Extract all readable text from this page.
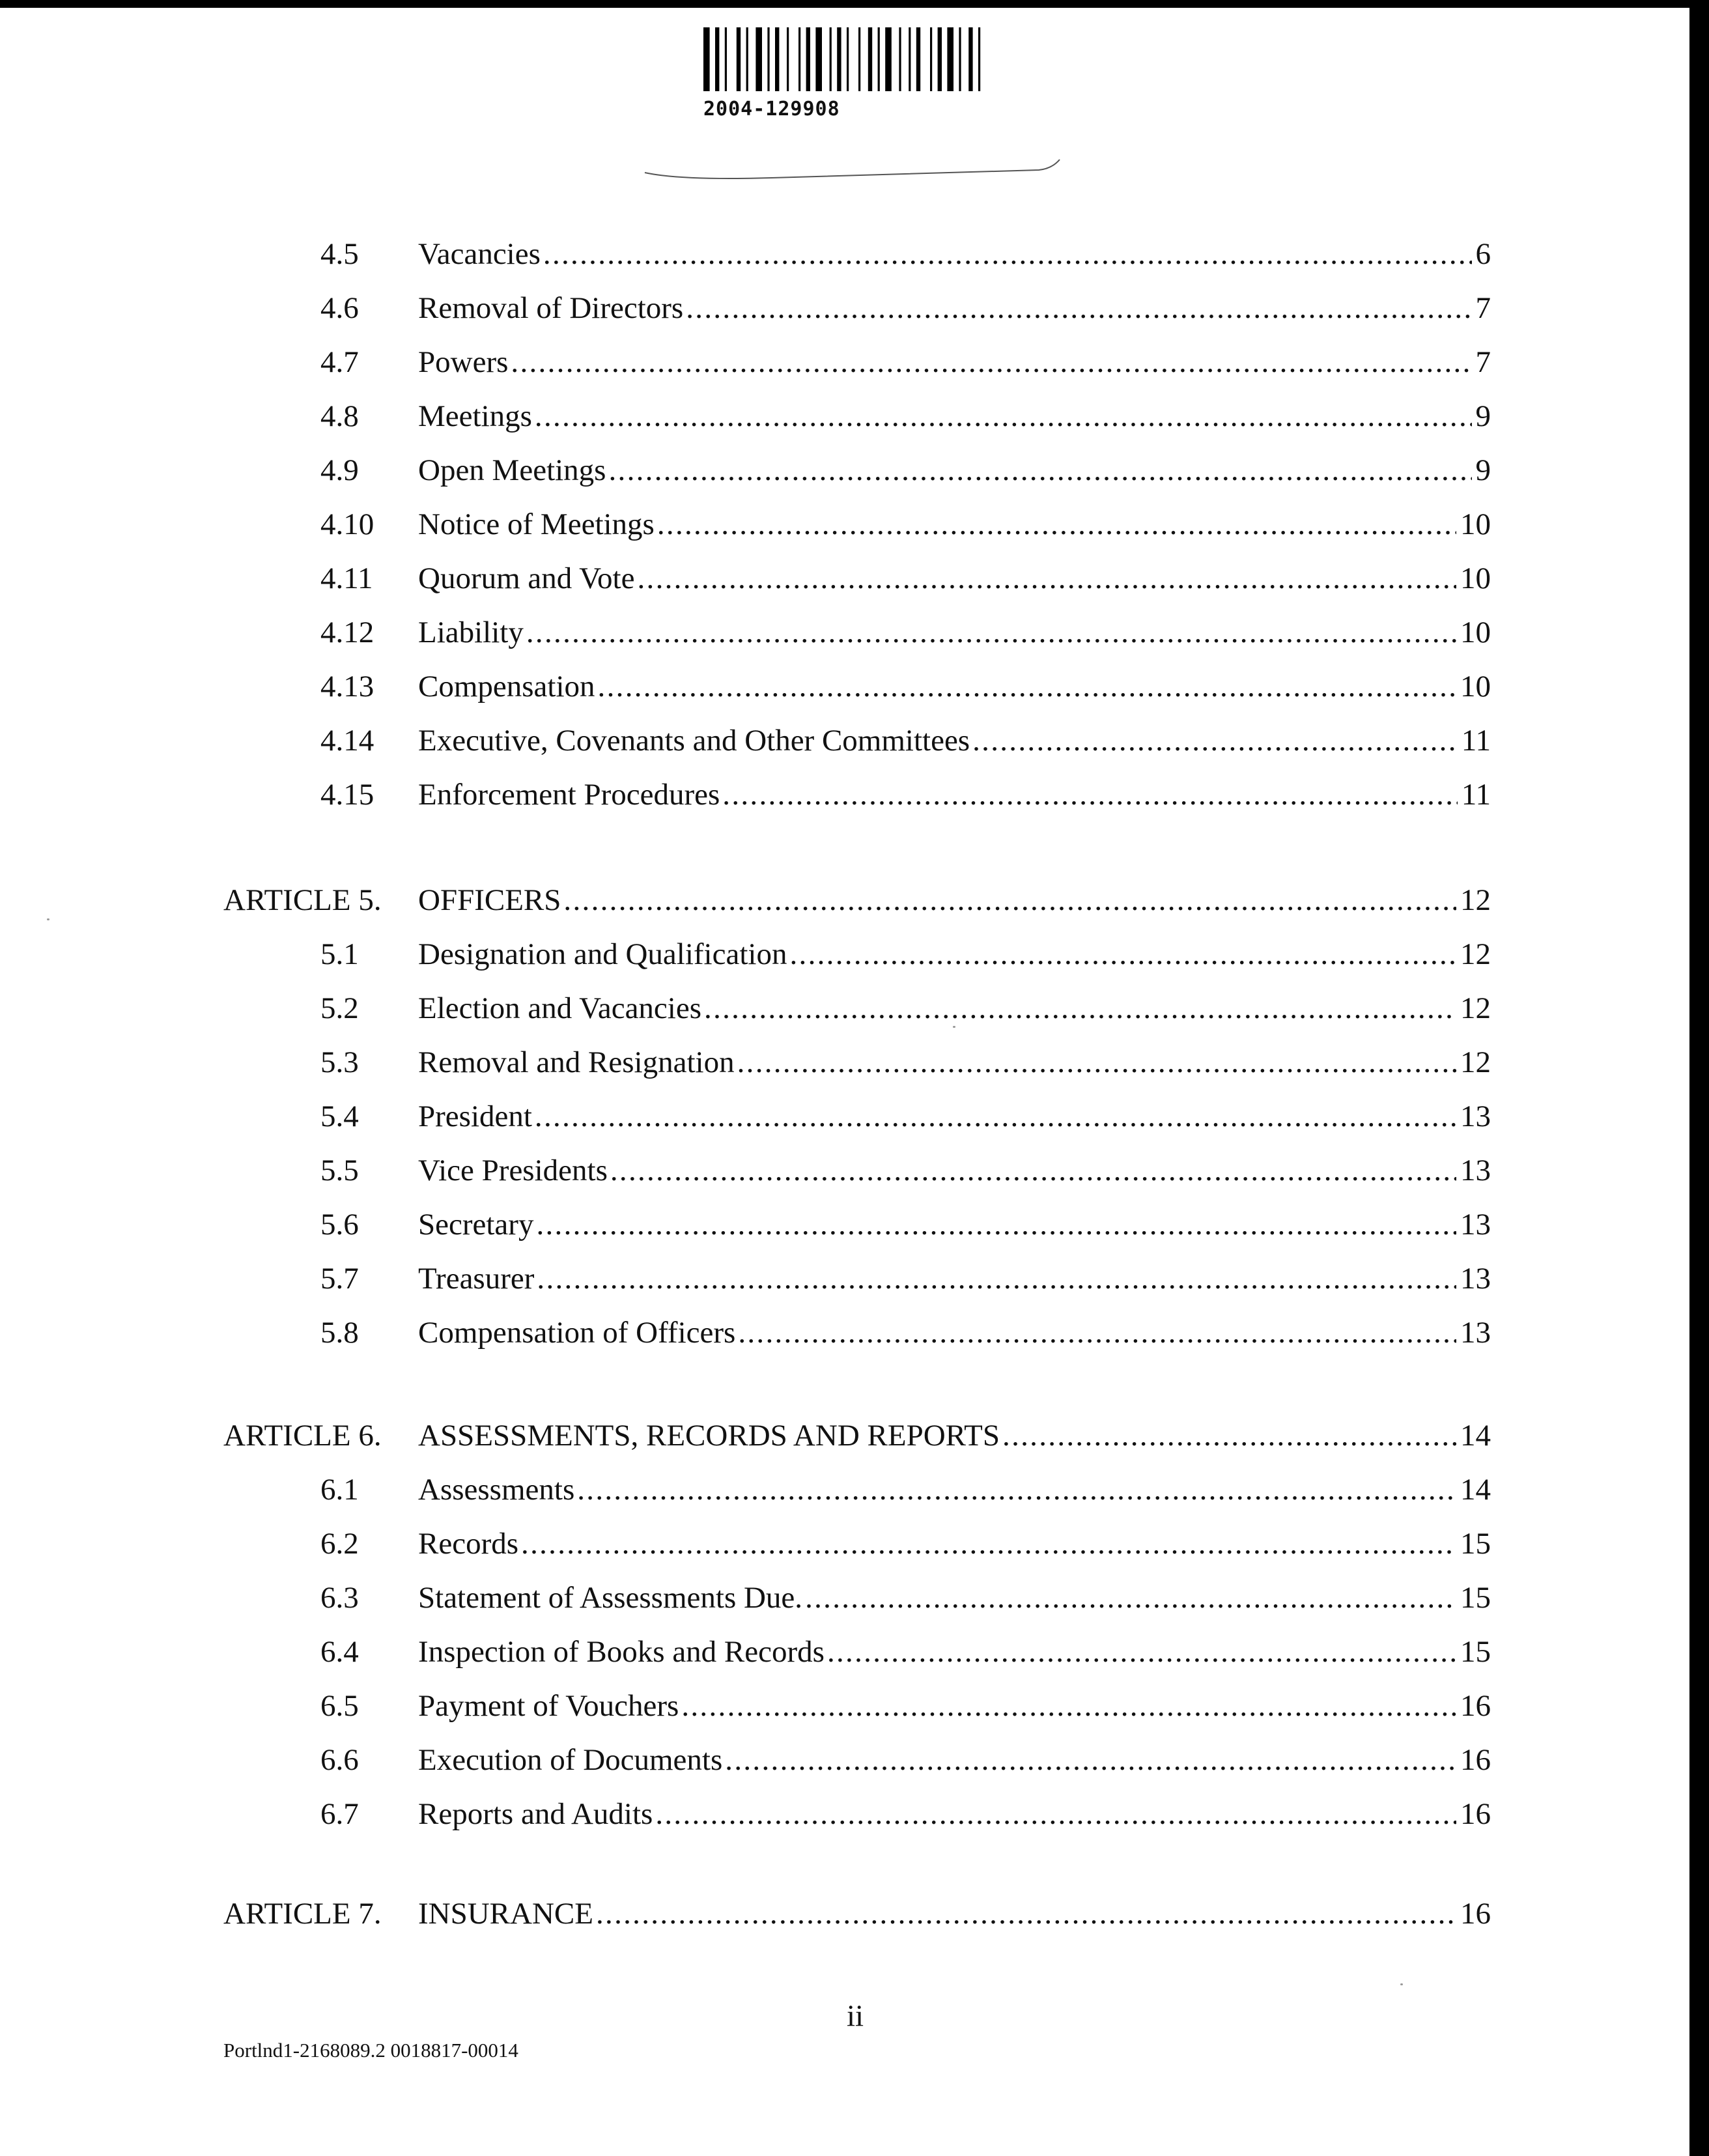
2004-129908
4.5 Vacancies .....	6
4.6 Removal of Directors .....	7
4.7 Powers .....	7
4.8 Meetings .....	9
4.9 Open Meetings .....	9
4.10 Notice of Meetings .....	10
4.11 Quorum and Vote .....	10
4.12 Liability .....	10
4.13 Compensation .....	10
4.14 Executive, Covenants and Other Committees .....	11
4.15 Enforcement Procedures .....	11
ARTICLE 5. OFFICERS .....	12
5.1 Designation and Qualification .....	12
5.2 Election and Vacancies .....	12
5.3 Removal and Resignation .....	12
5.4 President .....	13
5.5 Vice Presidents .....	13
5.6 Secretary .....	13
5.7 Treasurer .....	13
5.8 Compensation of Officers .....	13
ARTICLE 6. ASSESSMENTS, RECORDS AND REPORTS .....	14
6.1 Assessments .....	14
6.2 Records .....	15
6.3 Statement of Assessments Due. .....	15
6.4 Inspection of Books and Records .....	15
6.5 Payment of Vouchers .....	16
6.6 Execution of Documents .....	16
6.7 Reports and Audits .....	16
ARTICLE 7. INSURANCE .....	16
ii
Portlnd1-2168089.2 0018817-00014
